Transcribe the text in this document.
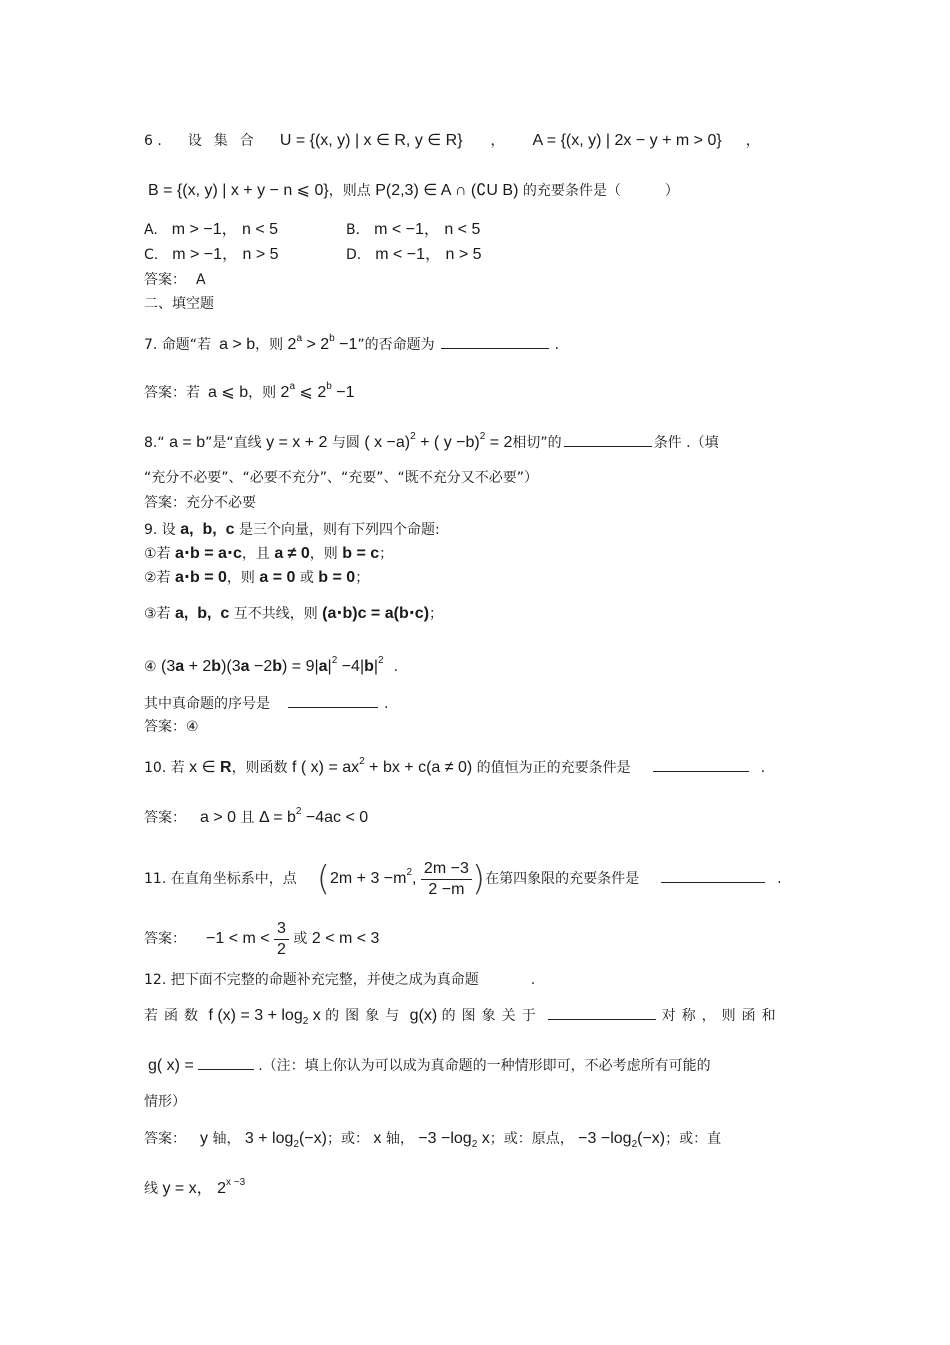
6 . 设集合 U = {(x, y) | x ∈ R, y ∈ R} ， A = {(x, y) | 2x − y + m > 0} ，
B = {(x, y) | x + y − n ⩽ 0}，则点 P(2,3) ∈ A ∩ (∁U B) 的充要条件是（	）
A. m > −1， n < 5	B. m < −1， n < 5
C. m > −1， n > 5	D. m < −1， n > 5
答案： A
二、填空题
7. 命题“若 a > b，则 $2^a > 2^b -1$”的否命题为	.
答案：若 a ⩽ b，则 2$^a$ ⩽ $2^b -1$
8.“ a = b”是“直线 y = x + 2 与圆 ( x −a)$^2$ + ( y −b)$^2$ = 2相切”的	条件 .（填
“充分不必要”、“必要不充分”、“充要”、“既不充分又不必要”）
答案：充分不必要
9. 设 a,  b,  c 是三个向量，则有下列四个命题:
①若 a⋅b = a⋅c，且 a ≠ 0，则 b = c；
②若 a⋅b = 0，则 a = 0 或 b = 0；
③若 a,  b,  c 互不共线，则 (a⋅b)c = a(b⋅c)；
④ $(3a + 2b)(3a -2b) = 9|a|^2 -4|b|^2$ .
其中真命题的序号是	.
答案：④
10. 若 x ∈ R，则函数 f ( $x) = ax^2$ + bx + c(a ≠ 0) 的值恒为正的充要条件是	.
答案： a > 0 且 $\Delta = b^2 -4ac < 0$
11. 在直角坐标系中，点 ($2m + 3 -m^2$, $\frac{2m -3}{2 -m}$ )在第四象限的充要条件是	.
答案： $-1 < m < \frac{3}{2}$ 或 2 < m < 3
12. 把下面不完整的命题补充完整，并使之成为真命题	.
若函数 f $(x) = 3 + \log_2 x$ 的图象与 g(x) 的图象关于	对称，则函和
g( x) =	.（注：填上你认为可以成为真命题的一种情形即可，不必考虑所有可能的
情形）
答案： y 轴， $3 + \log_2(-x)$；或： x 轴， $-3 -\log_2$ x；或：原点， $-3 -\log_2(-x)$；或：直
线 y = x， $2^{x -3}$
